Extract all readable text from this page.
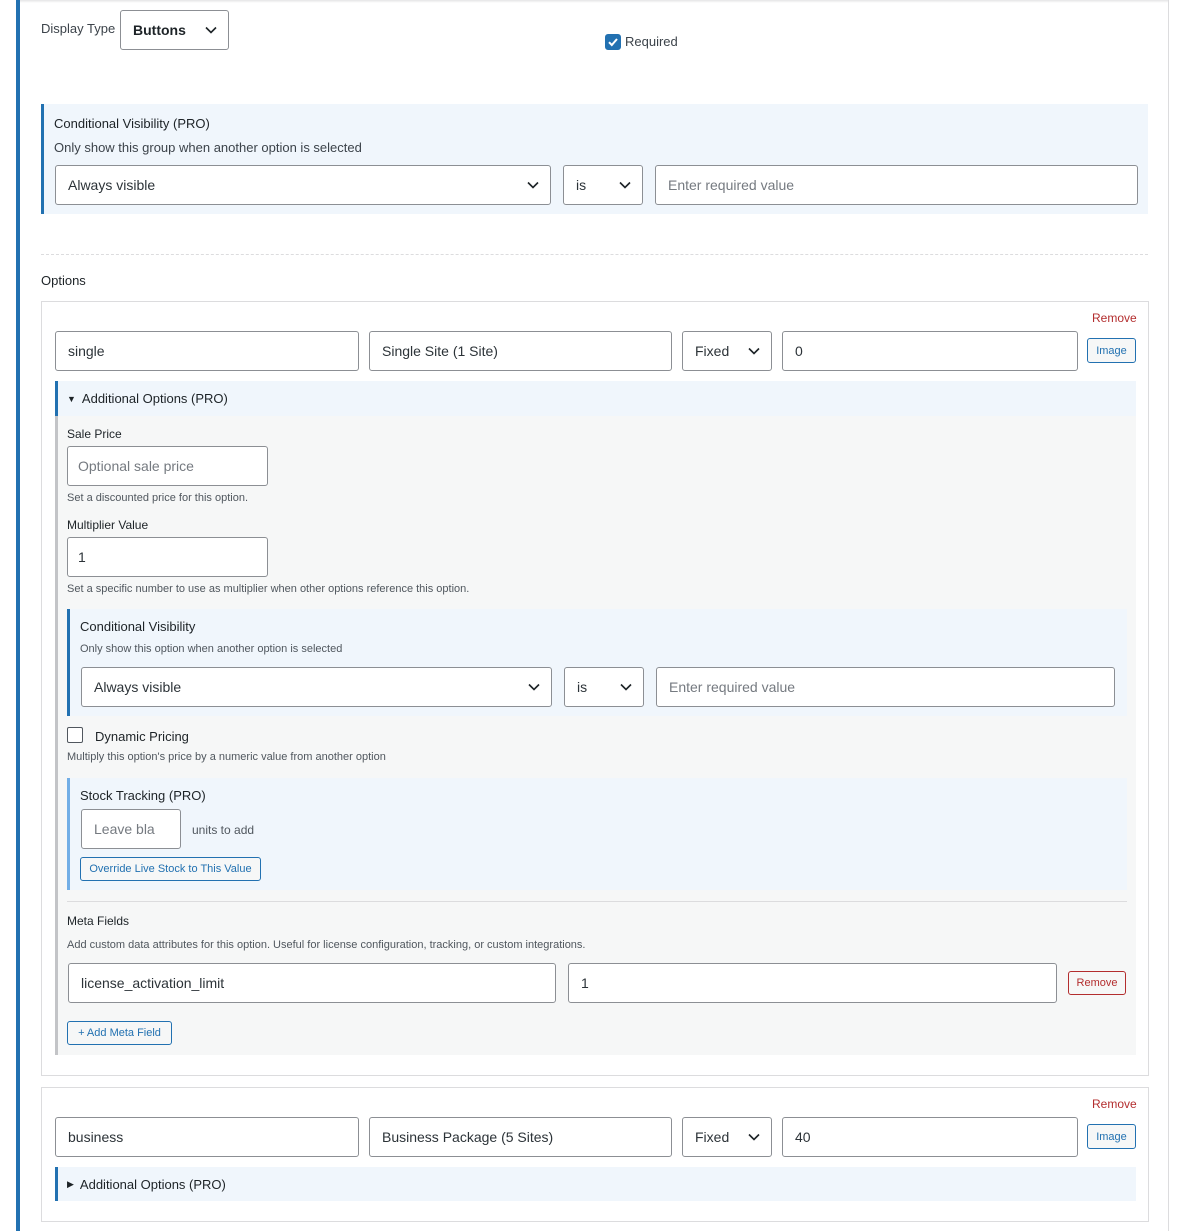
Display Type Buttons
Required
Conditional Visibility (PRO)
Only show this group when another option is selected
Always visible	is	Enter required value
Options
Remove
single	Single Site (1 Site)	Fixed	0	Image
▼ Additional Options (PRO)
Sale Price
Optional sale price
Set a discounted price for this option.
Multiplier Value
1
Set a specific number to use as multiplier when other options reference this option.
Conditional Visibility
Only show this option when another option is selected
Always visible	is	Enter required value
Dynamic Pricing
Multiply this option's price by a numeric value from another option
Stock Tracking (PRO)
Leave bla	units to add
Override Live Stock to This Value
Meta Fields
Add custom data attributes for this option. Useful for license configuration, tracking, or custom integrations.
license_activation_limit	1	Remove
+ Add Meta Field
Remove
business	Business Package (5 Sites)	Fixed	40	Image
▶ Additional Options (PRO)
